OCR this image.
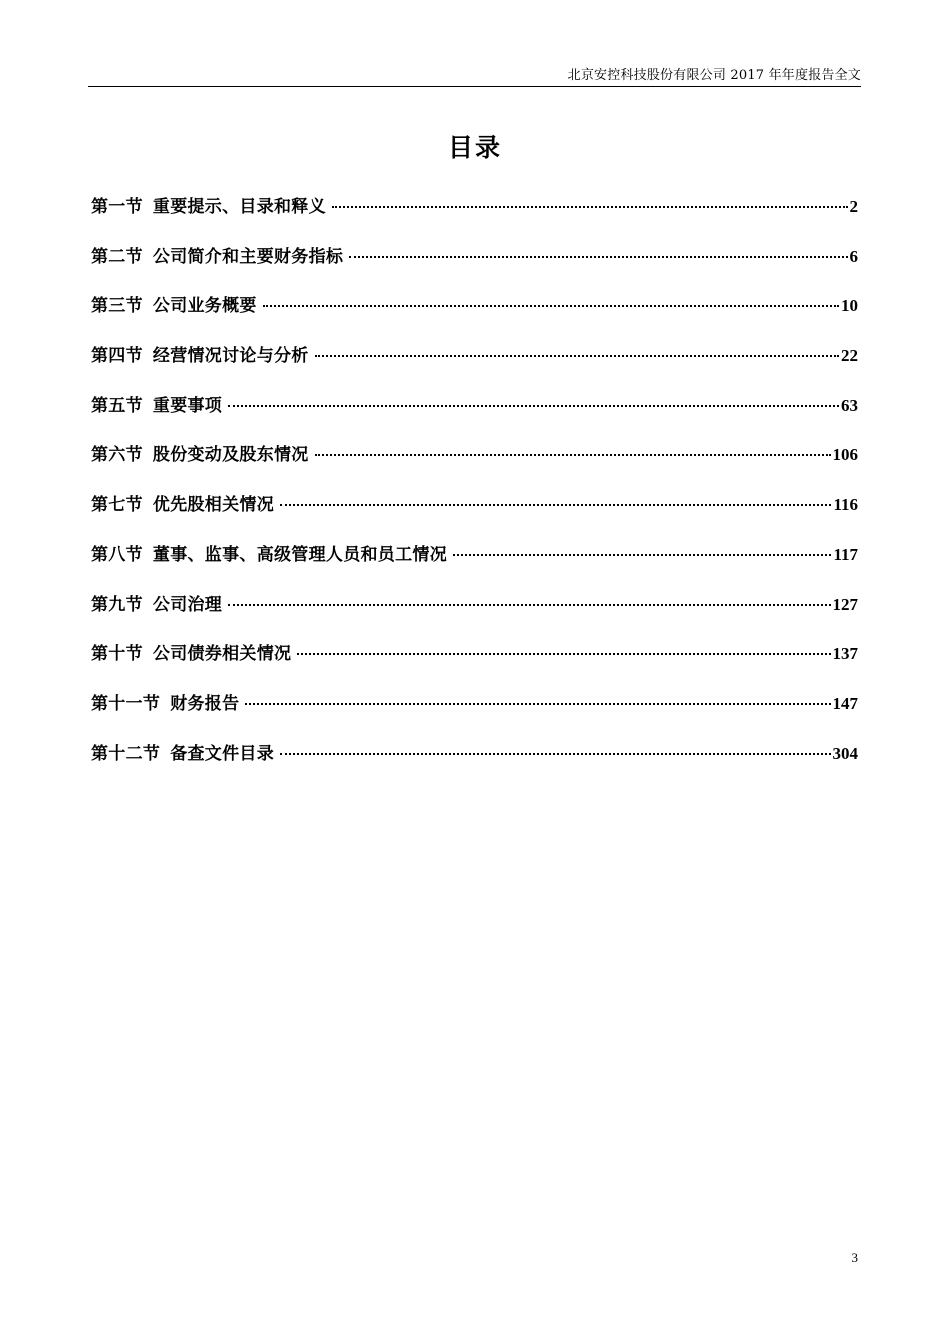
北京安控科技股份有限公司 2017 年年度报告全文
目录
第一节 重要提示、目录和释义	2
第二节 公司简介和主要财务指标	6
第三节 公司业务概要	10
第四节 经营情况讨论与分析	22
第五节 重要事项	63
第六节 股份变动及股东情况	106
第七节 优先股相关情况	116
第八节 董事、监事、高级管理人员和员工情况	117
第九节 公司治理	127
第十节 公司债券相关情况	137
第十一节 财务报告	147
第十二节 备查文件目录	304
3
